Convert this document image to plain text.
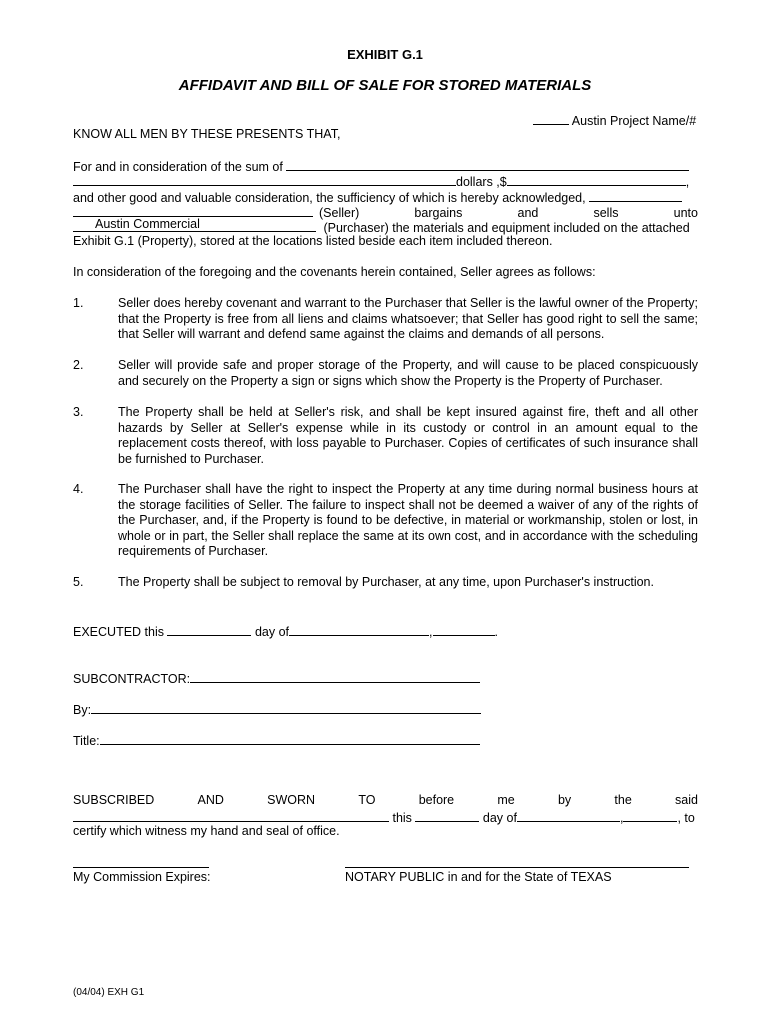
EXHIBIT G.1
AFFIDAVIT AND BILL OF SALE FOR STORED MATERIALS
Austin Project Name/#
KNOW ALL MEN BY THESE PRESENTS THAT,
For and in consideration of the sum of
dollars ,$	,
and other good and valuable consideration, the sufficiency of which is hereby acknowledged,
(Seller)	bargains	and	sells	unto
Austin Commercial	(Purchaser) the materials and equipment included on the attached
Exhibit G.1 (Property), stored at the locations listed beside each item included thereon.
In consideration of the foregoing and the covenants herein contained, Seller agrees as follows:
1.	Seller does hereby covenant and warrant to the Purchaser that Seller is the lawful owner of the Property; that the Property is free from all liens and claims whatsoever; that Seller has good right to sell the same; that Seller will warrant and defend same against the claims and demands of all persons.
2.	Seller will provide safe and proper storage of the Property, and will cause to be placed conspicuously and securely on the Property a sign or signs which show the Property is the Property of Purchaser.
3.	The Property shall be held at Seller's risk, and shall be kept insured against fire, theft and all other hazards by Seller at Seller's expense while in its custody or control in an amount equal to the replacement costs thereof, with loss payable to Purchaser. Copies of certificates of such insurance shall be furnished to Purchaser.
4.	The Purchaser shall have the right to inspect the Property at any time during normal business hours at the storage facilities of Seller. The failure to inspect shall not be deemed a waiver of any of the rights of the Purchaser, and, if the Property is found to be defective, in material or workmanship, stolen or lost, in whole or in part, the Seller shall replace the same at its own cost, and in accordance with the scheduling requirements of Purchaser.
5.	The Property shall be subject to removal by Purchaser, at any time, upon Purchaser's instruction.
EXECUTED this	day of	,	.
SUBCONTRACTOR:
By:
Title:
SUBSCRIBED	AND	SWORN	TO	before	me	by	the	said
this	day of	,	, to
certify which witness my hand and seal of office.
My Commission Expires:	NOTARY PUBLIC in and for the State of TEXAS
(04/04) EXH G1
